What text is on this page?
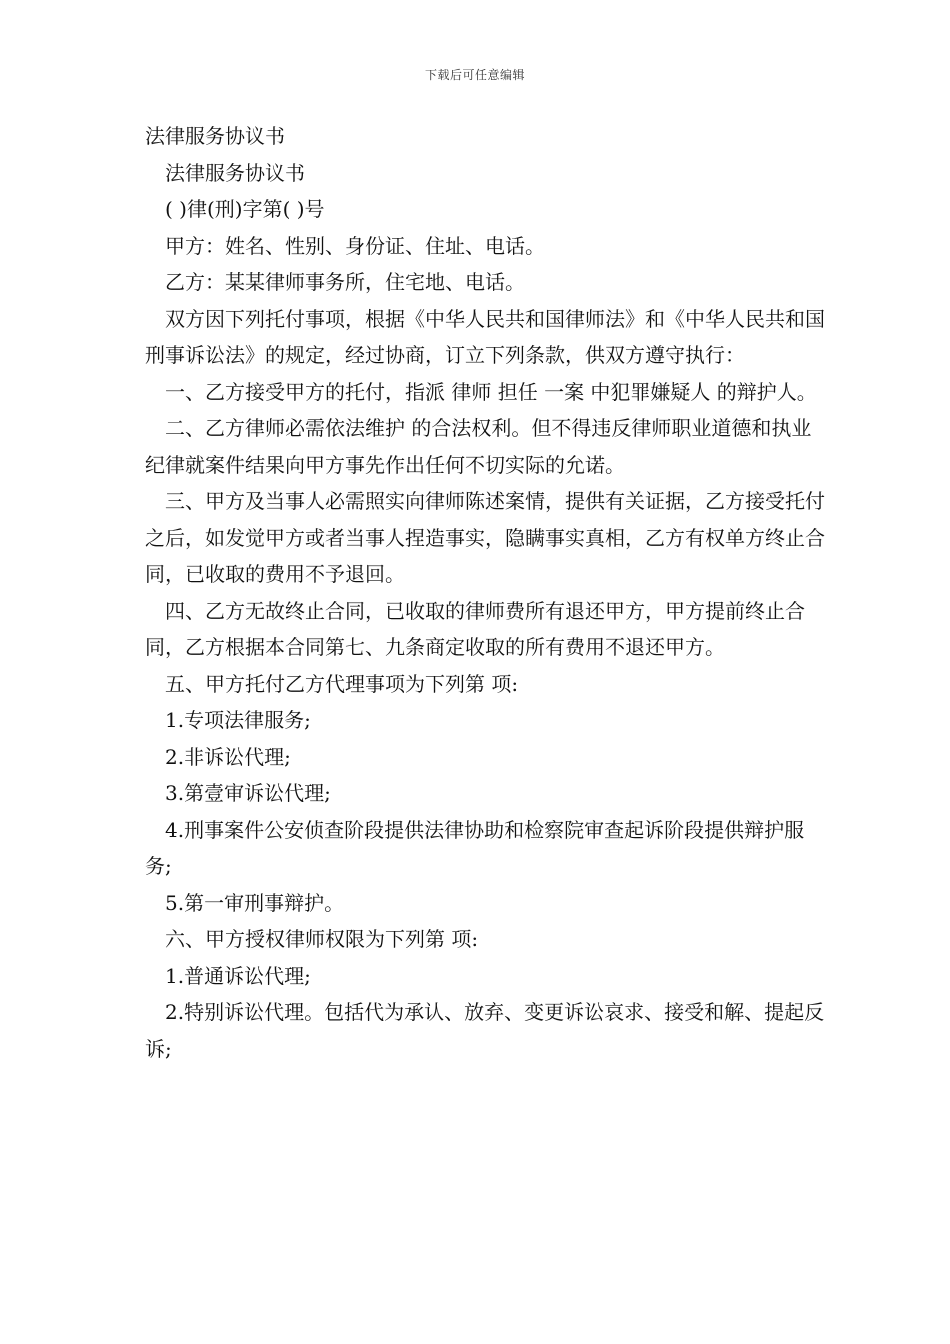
下载后可任意编辑

法律服务协议书

法律服务协议书

( )律(刑)字第( )号

甲方：姓名、性别、身份证、住址、电话。

乙方：某某律师事务所，住宅地、电话。

双方因下列托付事项，根据《中华人民共和国律师法》和《中华人民共和国刑事诉讼法》的规定，经过协商，订立下列条款，供双方遵守执行：

一、乙方接受甲方的托付，指派 律师 担任 一案 中犯罪嫌疑人 的辩护人。

二、乙方律师必需依法维护 的合法权利。但不得违反律师职业道德和执业纪律就案件结果向甲方事先作出任何不切实际的允诺。

三、甲方及当事人必需照实向律师陈述案情，提供有关证据，乙方接受托付之后，如发觉甲方或者当事人捏造事实，隐瞒事实真相，乙方有权单方终止合同，已收取的费用不予退回。

四、乙方无故终止合同，已收取的律师费所有退还甲方，甲方提前终止合同，乙方根据本合同第七、九条商定收取的所有费用不退还甲方。

五、甲方托付乙方代理事项为下列第 项:

1.专项法律服务;

2.非诉讼代理;

3.第壹审诉讼代理;

4.刑事案件公安侦查阶段提供法律协助和检察院审查起诉阶段提供辩护服务;

5.第一审刑事辩护。

六、甲方授权律师权限为下列第 项:

1.普通诉讼代理;

2.特别诉讼代理。包括代为承认、放弃、变更诉讼哀求、接受和解、提起反诉;
